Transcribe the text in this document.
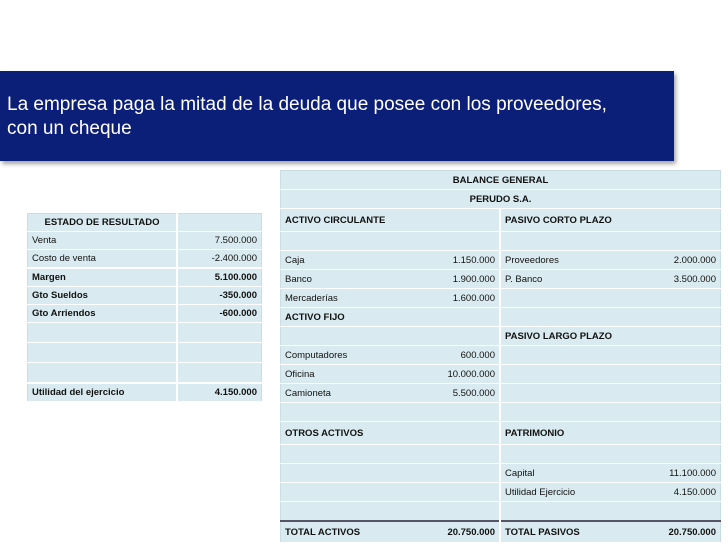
La empresa paga la mitad de la deuda que posee con los proveedores,
con un cheque
ESTADO DE RESULTADO	
Venta	7.500.000
Costo de venta	-2.400.000
Margen	5.100.000
Gto Sueldos	-350.000
Gto Arriendos	-600.000

Utilidad del ejercicio	4.150.000
BALANCE GENERAL			
PERUDO S.A.			
ACTIVO CIRCULANTE		PASIVO CORTO PLAZO	

Caja	1.150.000	Proveedores	2.000.000
Banco	1.900.000	P. Banco	3.500.000
Mercaderías	1.600.000		
ACTIVO FIJO			
		PASIVO LARGO PLAZO	
Computadores	600.000		
Oficina	10.000.000		
Camioneta	5.500.000		

OTROS ACTIVOS		PATRIMONIO	

		Capital	11.100.000
		Utilidad Ejercicio	4.150.000

TOTAL ACTIVOS	20.750.000	TOTAL PASIVOS	20.750.000
